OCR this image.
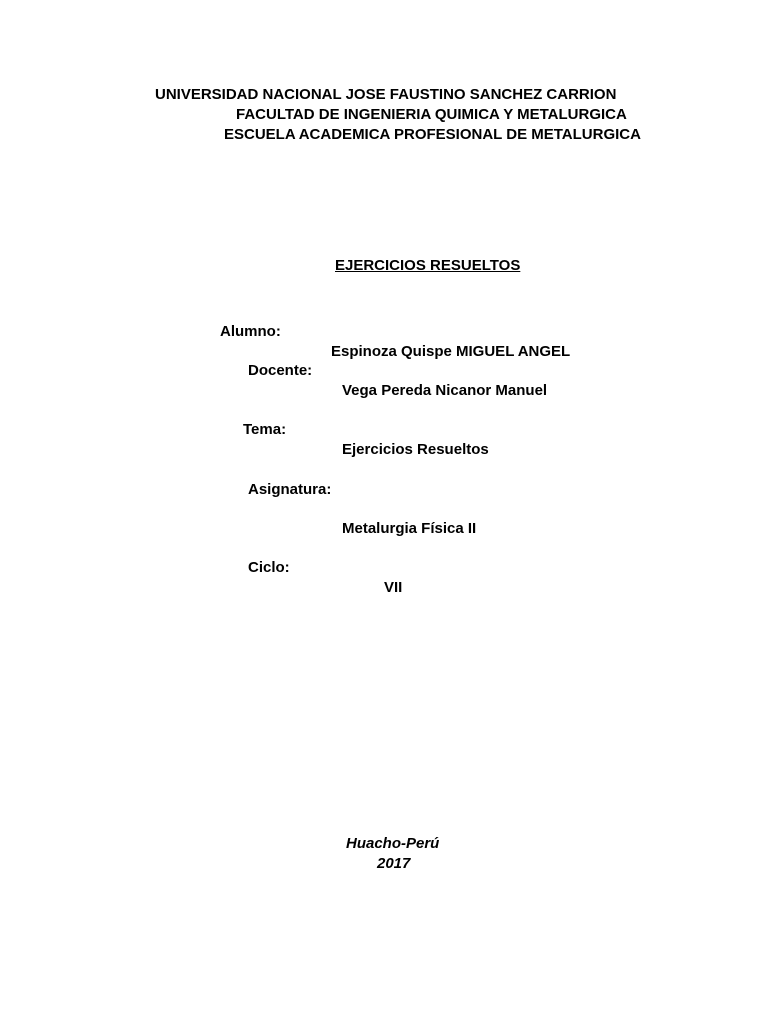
UNIVERSIDAD NACIONAL JOSE FAUSTINO SANCHEZ CARRION
FACULTAD DE INGENIERIA QUIMICA Y METALURGICA
ESCUELA ACADEMICA PROFESIONAL DE METALURGICA
EJERCICIOS RESUELTOS
Alumno:
Espinoza Quispe MIGUEL ANGEL
Docente:
Vega Pereda Nicanor Manuel
Tema:
Ejercicios Resueltos
Asignatura:
Metalurgia Física II
Ciclo:
VII
Huacho-Perú
2017
